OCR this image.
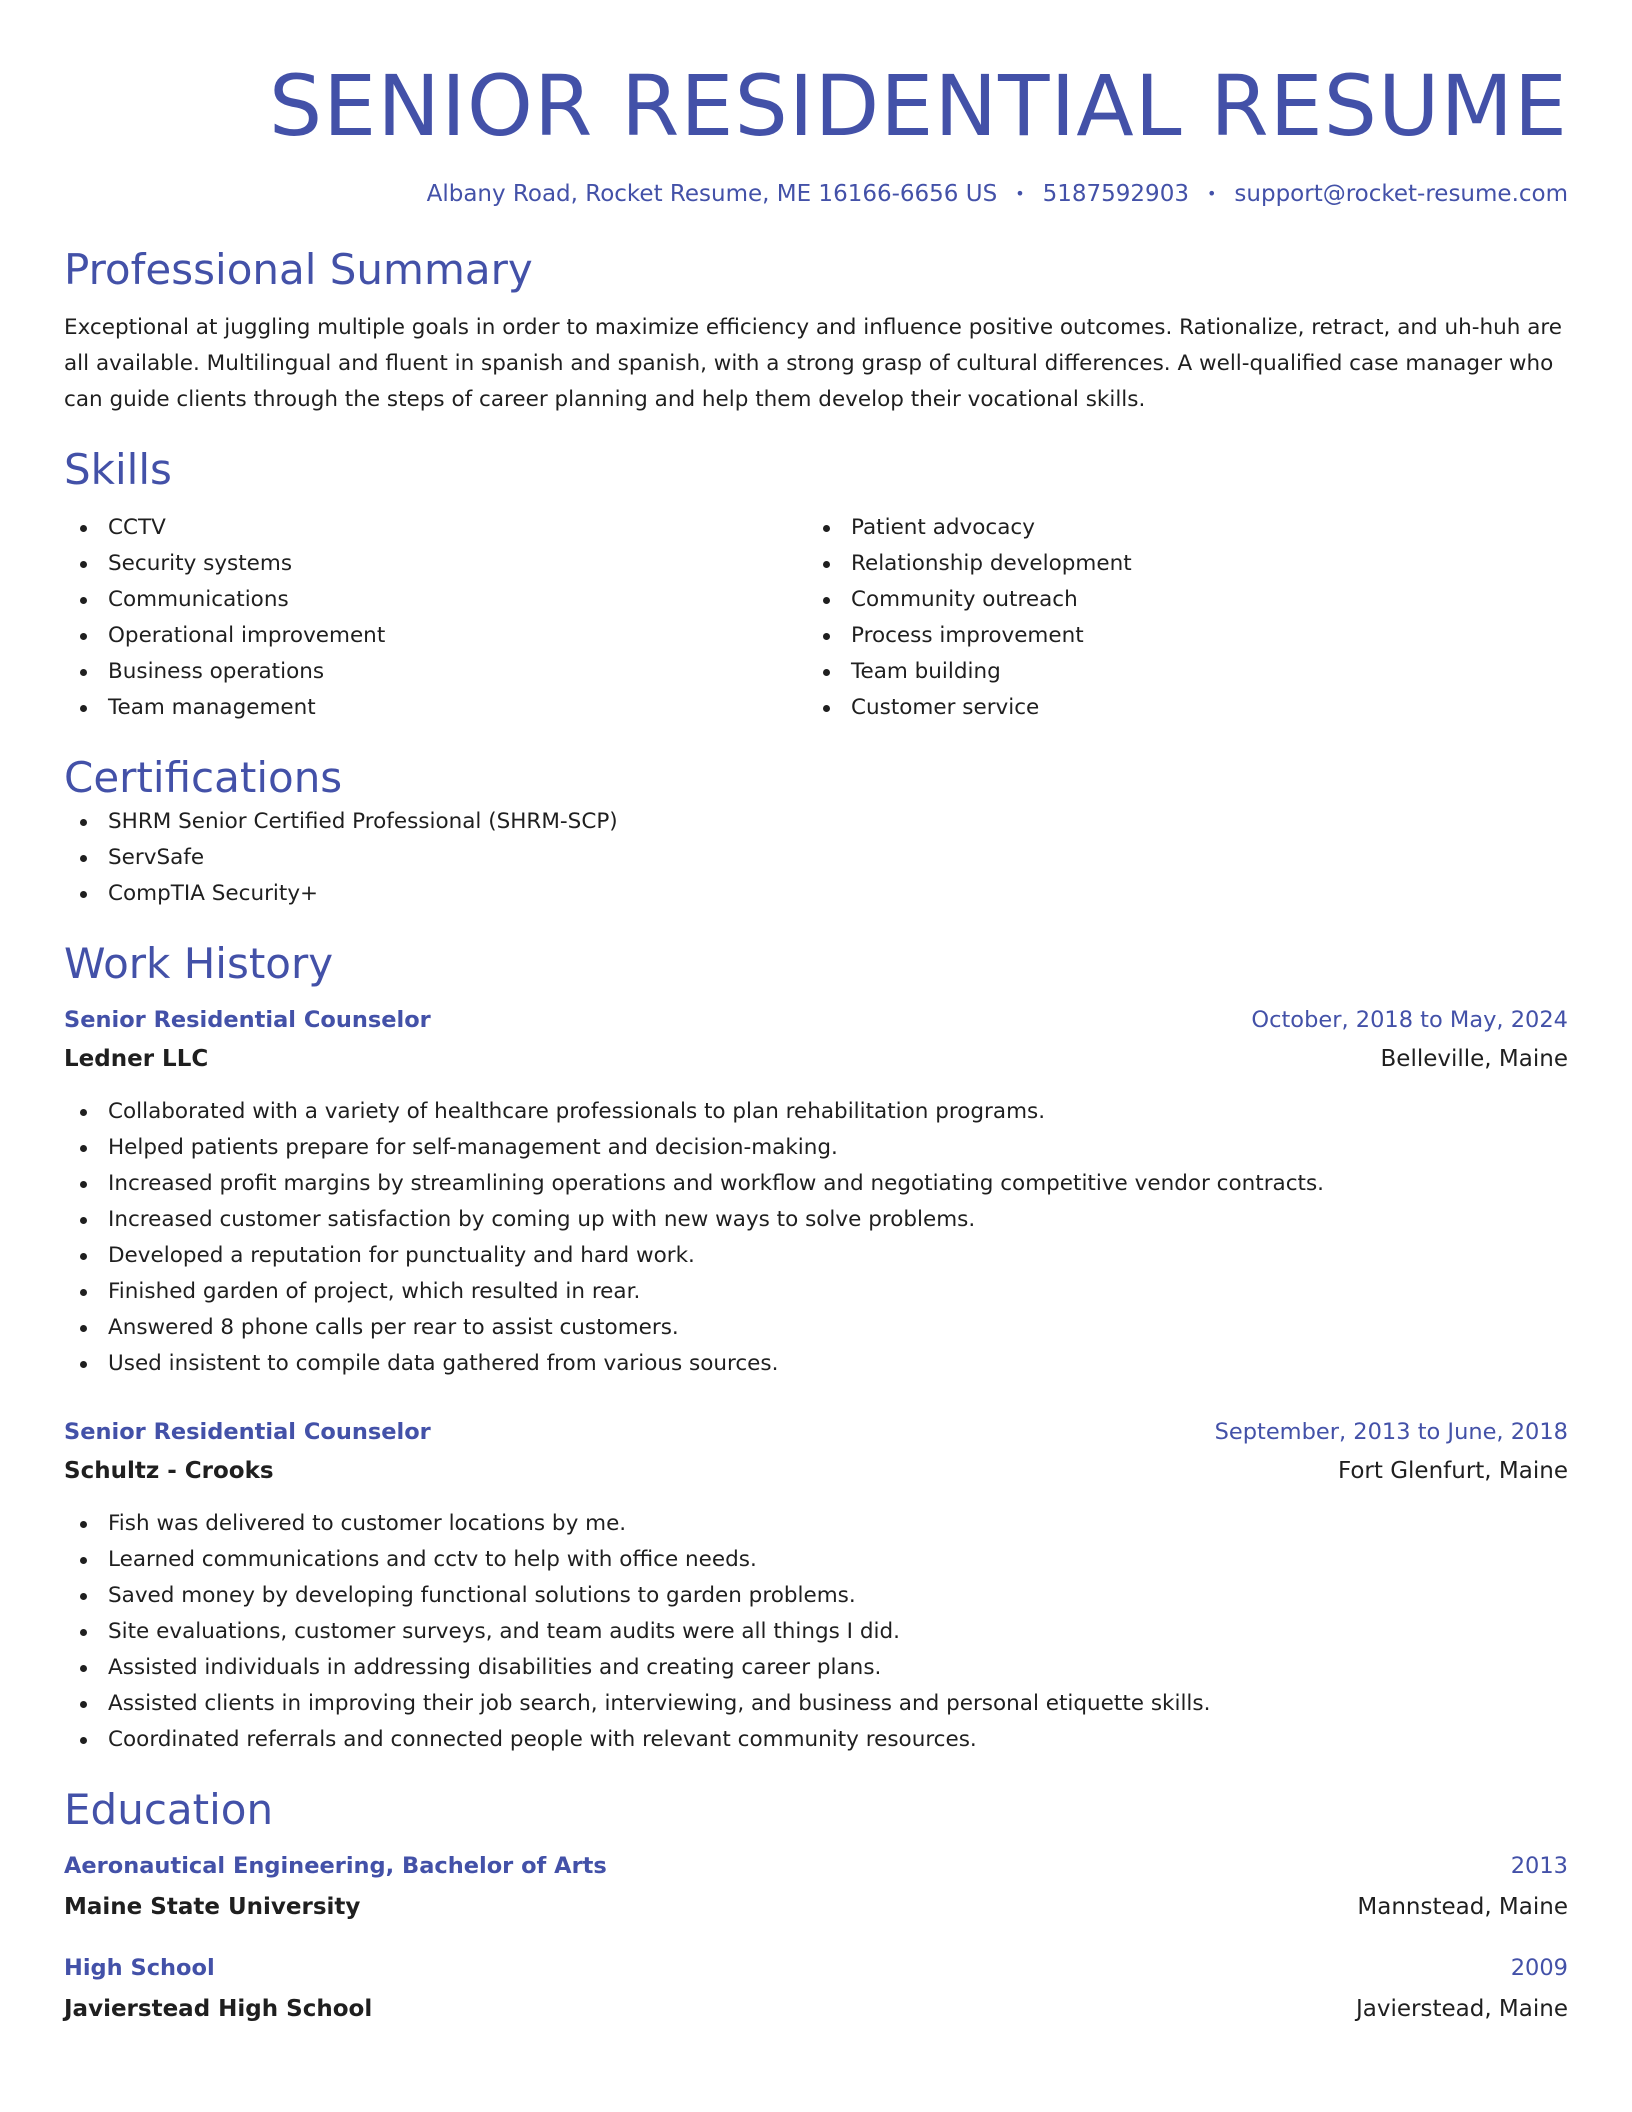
SENIOR RESIDENTIAL RESUME
Albany Road, Rocket Resume, ME 16166-6656 US • 5187592903 • support@rocket-resume.com
Professional Summary

Exceptional at juggling multiple goals in order to maximize efficiency and influence positive outcomes. Rationalize, retract, and uh-huh are all available. Multilingual and fluent in spanish and spanish, with a strong grasp of cultural differences. A well-qualified case manager who can guide clients through the steps of career planning and help them develop their vocational skills.

Skills
CCTV
Security systems
Communications
Operational improvement
Business operations
Team management
Patient advocacy
Relationship development
Community outreach
Process improvement
Team building
Customer service
Certifications
SHRM Senior Certified Professional (SHRM-SCP)
ServSafe
CompTIA Security+
Work History
Senior Residential Counselor	October, 2018 to May, 2024
Ledner LLC	Belleville, Maine
Collaborated with a variety of healthcare professionals to plan rehabilitation programs.
Helped patients prepare for self-management and decision-making.
Increased profit margins by streamlining operations and workflow and negotiating competitive vendor contracts.
Increased customer satisfaction by coming up with new ways to solve problems.
Developed a reputation for punctuality and hard work.
Finished garden of project, which resulted in rear.
Answered 8 phone calls per rear to assist customers.
Used insistent to compile data gathered from various sources.
Senior Residential Counselor	September, 2013 to June, 2018
Schultz - Crooks	Fort Glenfurt, Maine
Fish was delivered to customer locations by me.
Learned communications and cctv to help with office needs.
Saved money by developing functional solutions to garden problems.
Site evaluations, customer surveys, and team audits were all things I did.
Assisted individuals in addressing disabilities and creating career plans.
Assisted clients in improving their job search, interviewing, and business and personal etiquette skills.
Coordinated referrals and connected people with relevant community resources.
Education
Aeronautical Engineering, Bachelor of Arts	2013
Maine State University	Mannstead, Maine
High School	2009
Javierstead High School	Javierstead, Maine
